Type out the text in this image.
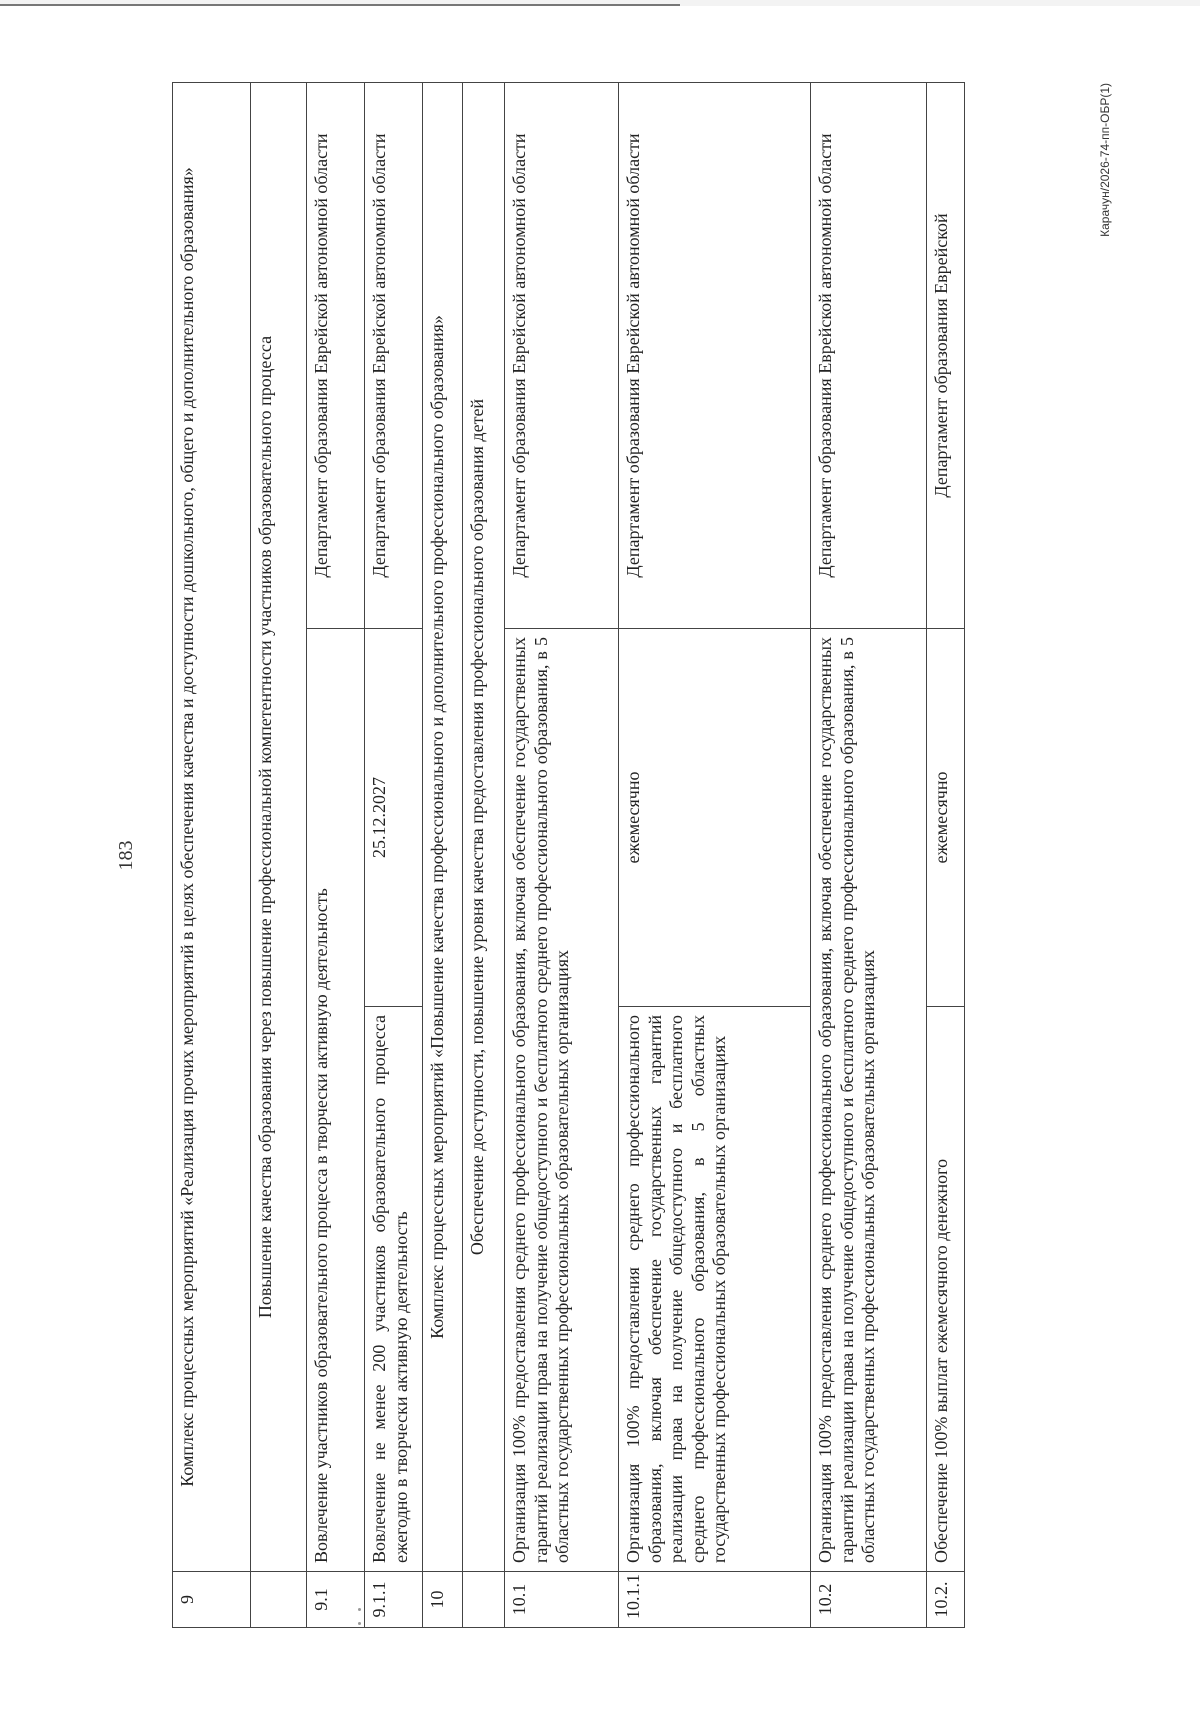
183
9	Комплекс процессных мероприятий «Реализация прочих мероприятий в целях обеспечения качества и доступности дошкольного, общего и дополнительного образования»		
	Повышение качества образования через повышение профессиональной компетентности участников образовательного процесса		
9.1	Вовлечение участников образовательного процесса в творчески активную деятельность		Департамент образования Еврейской автономной области
9.1.1	Вовлечение не менее 200 участников образовательного процесса ежегодно в творчески активную деятельность	25.12.2027	Департамент образования Еврейской автономной области
10	Комплекс процессных мероприятий «Повышение качества профессионального и дополнительного профессионального образования»		
	Обеспечение доступности, повышение уровня качества предоставления профессионального образования детей		
10.1	Организация 100% предоставления среднего профессионального образования, включая обеспечение государственных гарантий реализации права на получение общедоступного и бесплатного среднего профессионального образования, в 5 областных государственных профессиональных образовательных организациях		Департамент образования Еврейской автономной области
10.1.1	Организация 100% предоставления среднего профессионального образования, включая обеспечение государственных гарантий реализации права на получение общедоступного и бесплатного среднего профессионального образования, в 5 областных государственных профессиональных образовательных организациях	ежемесячно	Департамент образования Еврейской автономной области
10.2	Организация 100% предоставления среднего профессионального образования, включая обеспечение государственных гарантий реализации права на получение общедоступного и бесплатного среднего профессионального образования, в 5 областных государственных профессиональных образовательных организациях		Департамент образования Еврейской автономной области
10.2.	Обеспечение 100% выплат ежемесячного денежного	ежемесячно	Департамент образования Еврейской
Карачун/2026-74-пп-ОБР(1)
